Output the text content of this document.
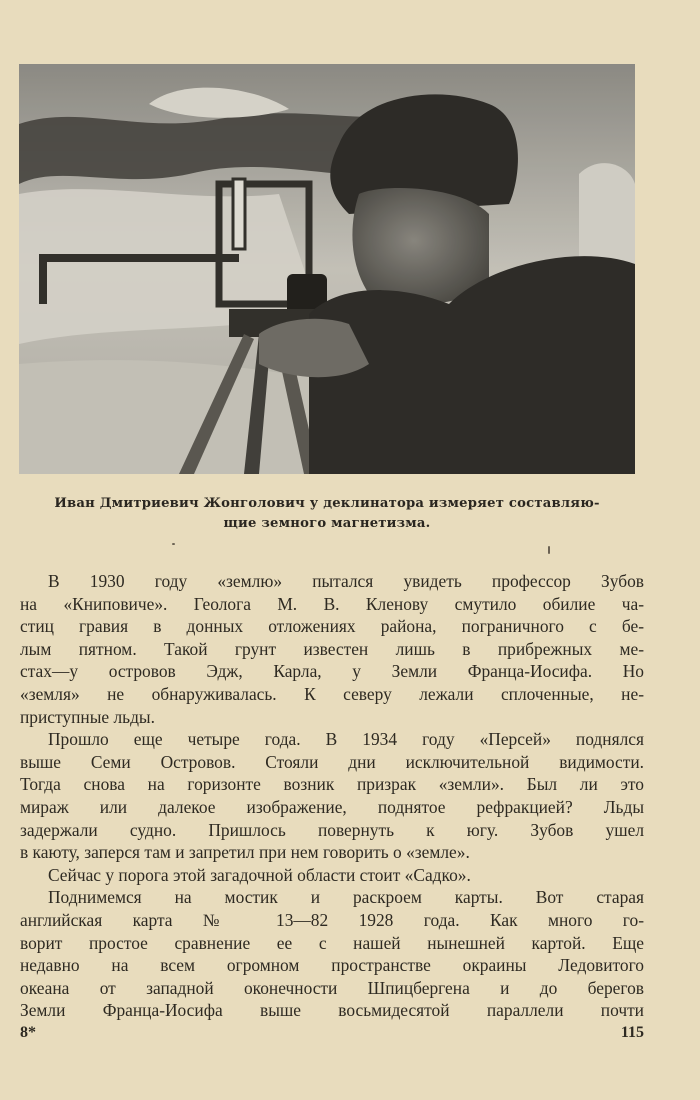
Иван Дмитриевич Жонголович у деклинатора измеряет составляю-
щие земного магнетизма.
В 1930 году «землю» пытался увидеть профессор Зубов
на «Книповиче». Геолога М. В. Кленову смутило обилие ча-
стиц гравия в донных отложениях района, пограничного с бе-
лым пятном. Такой грунт известен лишь в прибрежных ме-
стах—у островов Эдж, Карла, у Земли Франца-Иосифа. Но
«земля» не обнаруживалась. К северу лежали сплоченные, не-
приступные льды.
Прошло еще четыре года. В 1934 году «Персей» поднялся
выше Семи Островов. Стояли дни исключительной видимости.
Тогда снова на горизонте возник призрак «земли». Был ли это
мираж или далекое изображение, поднятое рефракцией? Льды
задержали судно. Пришлось повернуть к югу. Зубов ушел
в каюту, заперся там и запретил при нем говорить о «земле».
Сейчас у порога этой загадочной области стоит «Садко».
Поднимемся на мостик и раскроем карты. Вот старая
английская карта № 13—82 1928 года. Как много го-
ворит простое сравнение ее с нашей нынешней картой. Еще
недавно на всем огромном пространстве окраины Ледовитого
океана от западной оконечности Шпицбергена и до берегов
Земли Франца-Иосифа выше восьмидесятой параллели почти
8*	115
